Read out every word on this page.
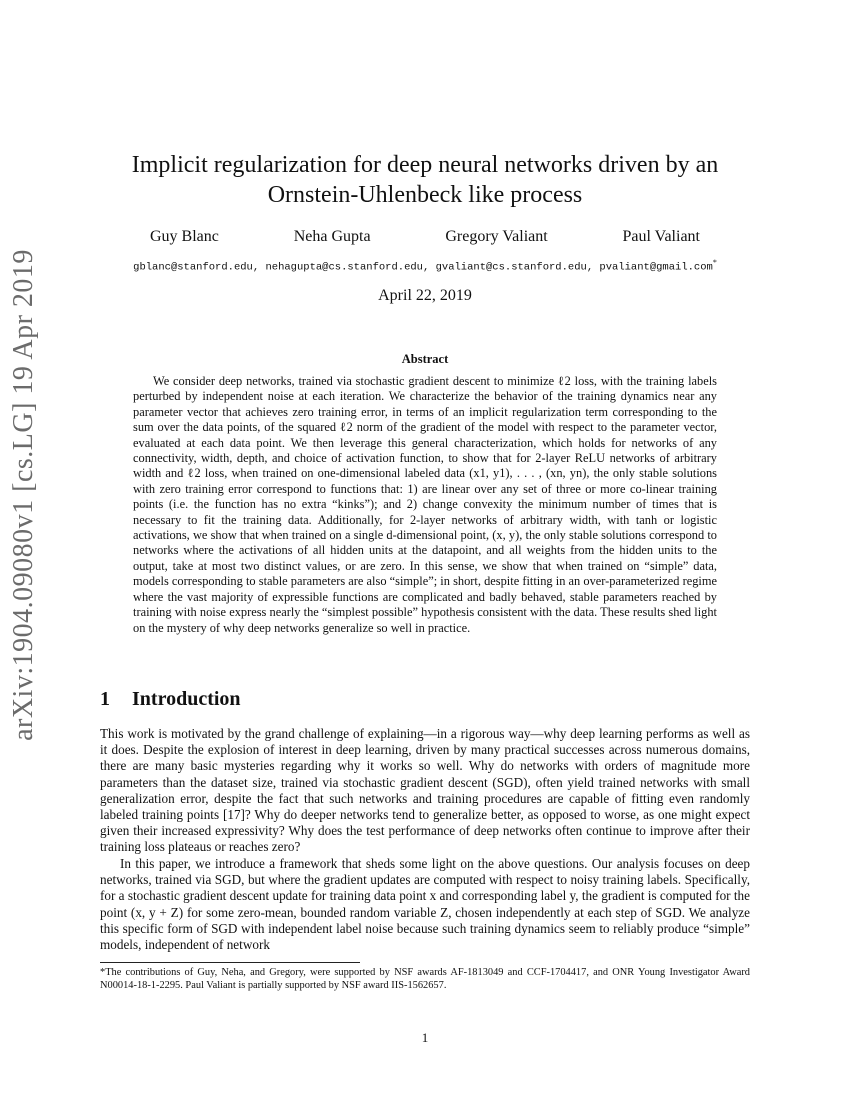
arXiv:1904.09080v1 [cs.LG] 19 Apr 2019
Implicit regularization for deep neural networks driven by an
Ornstein-Uhlenbeck like process
Guy Blanc	Neha Gupta	Gregory Valiant	Paul Valiant
gblanc@stanford.edu, nehagupta@cs.stanford.edu, gvaliant@cs.stanford.edu, pvaliant@gmail.com*
April 22, 2019
Abstract

We consider deep networks, trained via stochastic gradient descent to minimize ℓ2 loss, with the training labels perturbed by independent noise at each iteration. We characterize the behavior of the training dynamics near any parameter vector that achieves zero training error, in terms of an implicit regularization term corresponding to the sum over the data points, of the squared ℓ2 norm of the gradient of the model with respect to the parameter vector, evaluated at each data point. We then leverage this general characterization, which holds for networks of any connectivity, width, depth, and choice of activation function, to show that for 2-layer ReLU networks of arbitrary width and ℓ2 loss, when trained on one-dimensional labeled data (x1, y1), . . . , (xn, yn), the only stable solutions with zero training error correspond to functions that: 1) are linear over any set of three or more co-linear training points (i.e. the function has no extra “kinks”); and 2) change convexity the minimum number of times that is necessary to fit the training data. Additionally, for 2-layer networks of arbitrary width, with tanh or logistic activations, we show that when trained on a single d-dimensional point, (x, y), the only stable solutions correspond to networks where the activations of all hidden units at the datapoint, and all weights from the hidden units to the output, take at most two distinct values, or are zero. In this sense, we show that when trained on “simple” data, models corresponding to stable parameters are also “simple”; in short, despite fitting in an over-parameterized regime where the vast majority of expressible functions are complicated and badly behaved, stable parameters reached by training with noise express nearly the “simplest possible” hypothesis consistent with the data. These results shed light on the mystery of why deep networks generalize so well in practice.

1 Introduction

This work is motivated by the grand challenge of explaining—in a rigorous way—why deep learning performs as well as it does. Despite the explosion of interest in deep learning, driven by many practical successes across numerous domains, there are many basic mysteries regarding why it works so well. Why do networks with orders of magnitude more parameters than the dataset size, trained via stochastic gradient descent (SGD), often yield trained networks with small generalization error, despite the fact that such networks and training procedures are capable of fitting even randomly labeled training points [17]? Why do deeper networks tend to generalize better, as opposed to worse, as one might expect given their increased expressivity? Why does the test performance of deep networks often continue to improve after their training loss plateaus or reaches zero?

In this paper, we introduce a framework that sheds some light on the above questions. Our analysis focuses on deep networks, trained via SGD, but where the gradient updates are computed with respect to noisy training labels. Specifically, for a stochastic gradient descent update for training data point x and corresponding label y, the gradient is computed for the point (x, y + Z) for some zero-mean, bounded random variable Z, chosen independently at each step of SGD. We analyze this specific form of SGD with independent label noise because such training dynamics seem to reliably produce “simple” models, independent of network

*The contributions of Guy, Neha, and Gregory, were supported by NSF awards AF-1813049 and CCF-1704417, and ONR Young Investigator Award N00014-18-1-2295. Paul Valiant is partially supported by NSF award IIS-1562657.

1
